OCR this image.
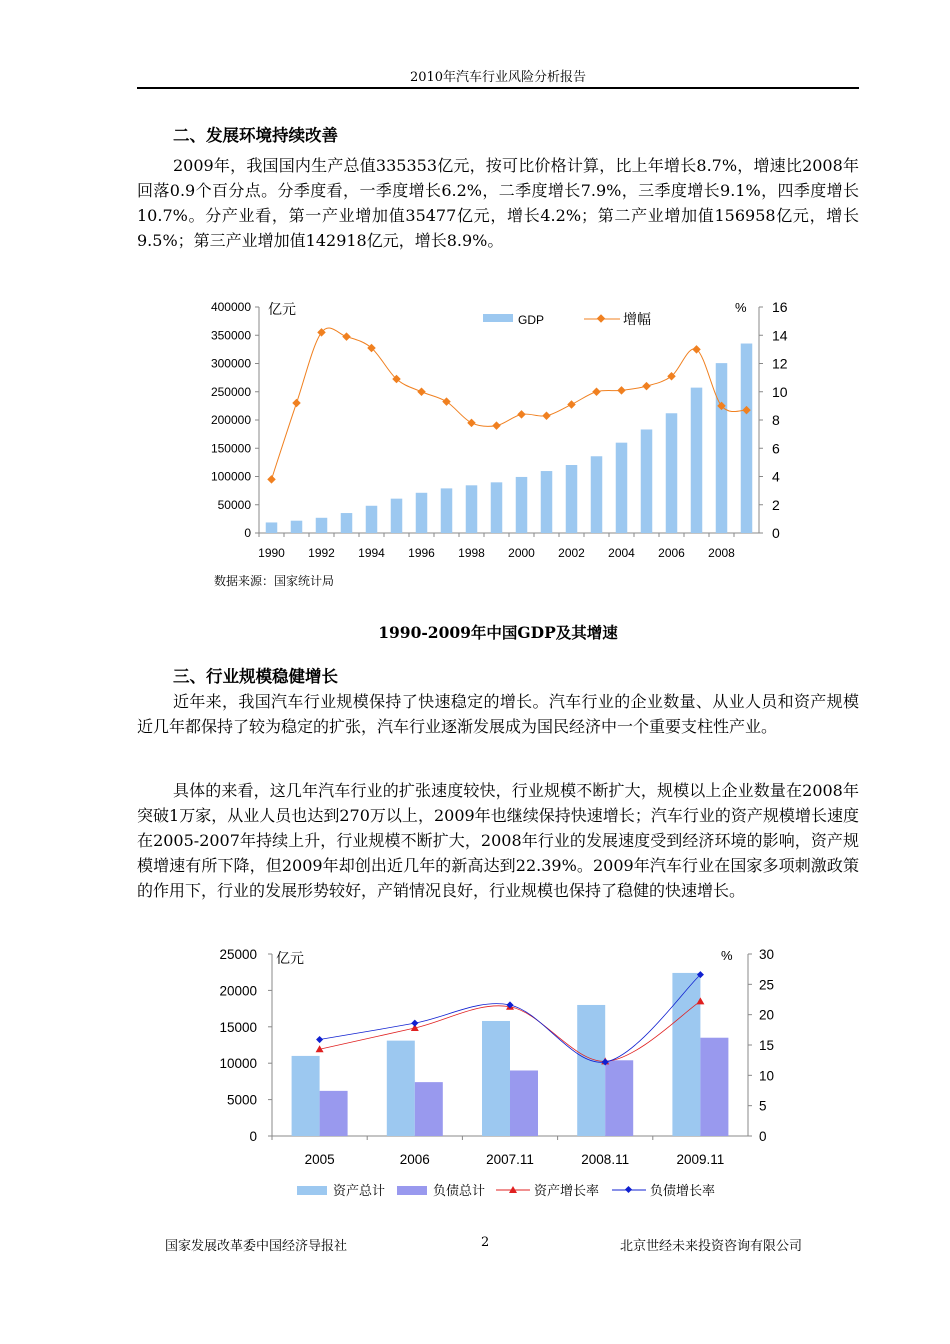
2010年汽车行业风险分析报告
二、发展环境持续改善

2009年，我国国内生产总值335353亿元，按可比价格计算，比上年增长8.7%，增速比2008年回落0.9个百分点。分季度看，一季度增长6.2%，二季度增长7.9%，三季度增长9.1%，四季度增长10.7%。分产业看，第一产业增加值35477亿元，增长4.2%；第二产业增加值156958亿元，增长9.5%；第三产业增加值142918亿元，增长8.9%。

0
50000
100000
150000
200000
250000
300000
350000
400000
0
2
4
6
8
10
12
14
16
1990 1992 1994 1996 1998 2000 2002 2004 2006 2008
亿元	%
GDP	增幅
数据来源：国家统计局
1990-2009年中国GDP及其增速
三、行业规模稳健增长

近年来，我国汽车行业规模保持了快速稳定的增长。汽车行业的企业数量、从业人员和资产规模近几年都保持了较为稳定的扩张，汽车行业逐渐发展成为国民经济中一个重要支柱性产业。

具体的来看，这几年汽车行业的扩张速度较快，行业规模不断扩大，规模以上企业数量在2008年突破1万家，从业人员也达到270万以上，2009年也继续保持快速增长；汽车行业的资产规模增长速度在2005-2007年持续上升，行业规模不断扩大，2008年行业的发展速度受到经济环境的影响，资产规模增速有所下降，但2009年却创出近几年的新高达到22.39%。2009年汽车行业在国家多项刺激政策的作用下，行业的发展形势较好，产销情况良好，行业规模也保持了稳健的快速增长。

0
5000
10000
15000
20000
25000
0
5
10
15
20
25
30
2005	2006	2007.11	2008.11	2009.11
亿元	%
资产总计	负债总计	资产增长率	负债增长率
国家发展改革委中国经济导报社	2	北京世经未来投资咨询有限公司
